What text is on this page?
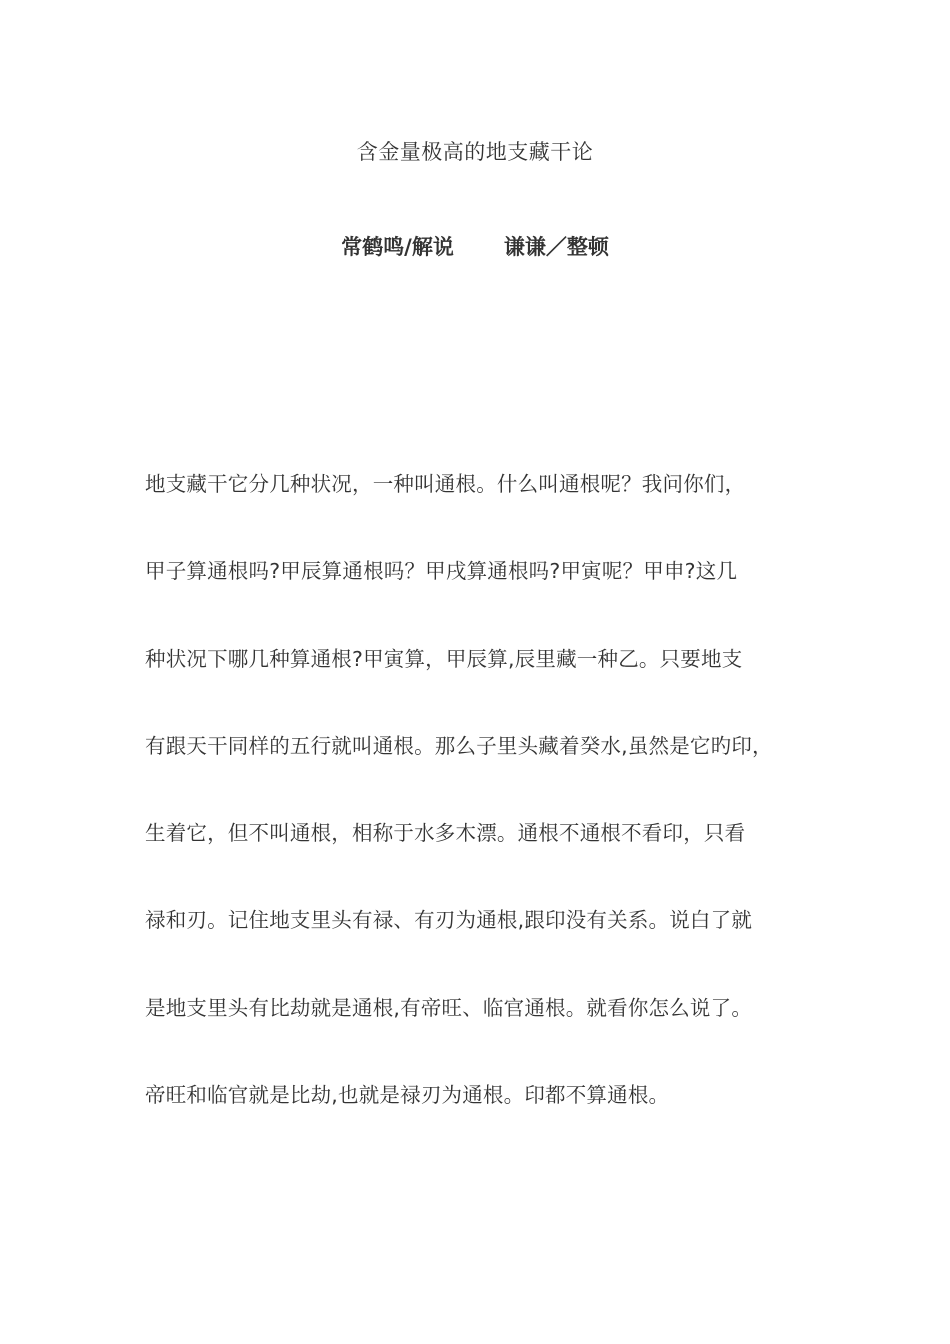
含金量极高的地支藏干论
常鹤鸣/解说 谦谦／整顿
地支藏干它分几种状况，一种叫通根。什么叫通根呢？我问你们，
甲子算通根吗?甲辰算通根吗？甲戌算通根吗?甲寅呢？甲申?这几
种状况下哪几种算通根?甲寅算，甲辰算,辰里藏一种乙。只要地支
有跟天干同样的五行就叫通根。那么子里头藏着癸水,虽然是它旳印，
生着它，但不叫通根，相称于水多木漂。通根不通根不看印，只看
禄和刃。记住地支里头有禄、有刃为通根,跟印没有关系。说白了就
是地支里头有比劫就是通根,有帝旺、临官通根。就看你怎么说了。
帝旺和临官就是比劫,也就是禄刃为通根。印都不算通根。
